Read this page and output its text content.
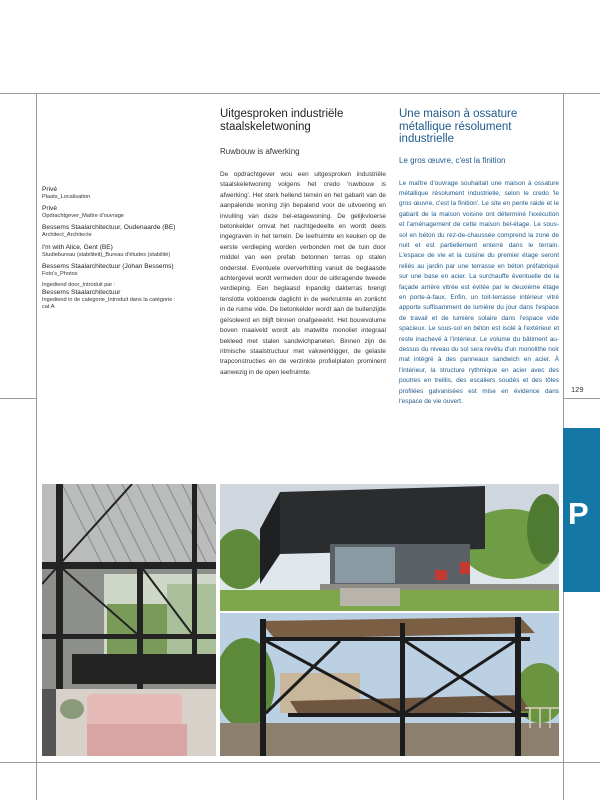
Privé
Plaats_Localisation
Privé
Opdrachtgever_Maître d'ouvrage
Bessems Staalarchitectuur, Oudenaarde (BE)
Architect_Architecte
I'm with Alice, Gent (BE)
Studiebureau (stabiliteit)_Bureau d'études (stabilité)
Bessems Staalarchitectuur (Johan Bessems)
Foto's_Photos
Ingediend door_Introduit par :
Bessems Staalarchitectuur
Ingediend in de categorie_Introduit dans la catégorie :
cat A
Uitgesproken industriële staalskeletwoning
Ruwbouw is afwerking
De opdrachtgever wou een uitgesproken industriële staalskeletwoning volgens het credo 'ruwbouw is afwerking'. Het sterk hellend terrein en het gabarit van de aanpalende woning zijn bepalend voor de uitvoering en invulling van deze bel-etagewoning. De gelijkvloerse betonkelder omvat het nachtgedeelte en wordt deels ingegraven in het terrein. De leefruimte en keuken op de eerste verdieping worden verbonden met de tuin door middel van een prefab betonnen terras op stalen onderstel. Eventuele oververhitting vanuit de beglaasde achtergevel wordt vermeden door de uitkragende tweede verdieping. Een beglaasd inpandig dakterras brengt tenslotte voldoende daglicht in de werkruimte en zonlicht in de ruime vide. De betonkelder wordt aan de buitenzijde geïsoleerd en blijft binnen onafgewerkt. Het bouwvolume boven maaiveld wordt als matwitte monoliet integraal bekleed met stalen sandwichpanelen. Binnen zijn de ritmische staalstructuur met vakwerkligger, de gelaste trapconstructies en de verzinkte profielplaten prominent aanwezig in de open leefruimte.
Une maison à ossature métallique résolument industrielle
Le gros œuvre, c'est la finition
Le maître d'ouvrage souhaitait une maison à ossature métallique résolument industrielle, selon le credo 'le gros œuvre, c'est la finition'. Le site en pente raide et le gabarit de la maison voisine ont déterminé l'exécution et l'aménagement de cette maison bel-étage. Le sous-sol en béton du rez-de-chaussée comprend la zone de nuit et est partiellement enterré dans le terrain. L'espace de vie et la cuisine du premier étage seront reliés au jardin par une terrasse en béton préfabriqué sur une base en acier. La surchauffe éventuelle de la façade arrière vitrée est évitée par le deuxième étage en porte-à-faux. Enfin, un toit-terrasse intérieur vitré apporte suffisamment de lumière du jour dans l'espace de travail et de lumière solaire dans l'espace vide spacieux. Le sous-sol en béton est isolé à l'extérieur et reste inachevé à l'intérieur. Le volume du bâtiment au-dessus du niveau du sol sera revêtu d'un monolithe noir mat intégré à des panneaux sandwich en acier. À l'intérieur, la structure rythmique en acier avec des poutres en treillis, des escaliers soudés et des tôles profilées galvanisées est mise en évidence dans l'espace de vie ouvert.
129
P
